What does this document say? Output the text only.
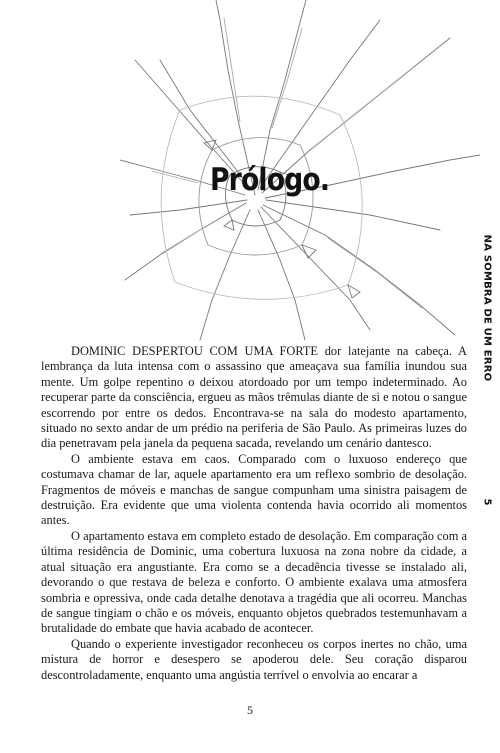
Prólogo.
NA SOMBRA DE UM ERRO
5

DOMINIC DESPERTOU COM UMA FORTE dor latejante na cabeça. A lembrança da luta intensa com o assassino que ameaçava sua família inundou sua mente. Um golpe repentino o deixou atordoado por um tempo indeterminado. Ao recuperar parte da consciência, ergueu as mãos trêmulas diante de si e notou o sangue escorrendo por entre os dedos. Encontrava-se na sala do modesto apartamento, situado no sexto andar de um prédio na periferia de São Paulo. As primeiras luzes do dia penetravam pela janela da pequena sacada, revelando um cenário dantesco.

O ambiente estava em caos. Comparado com o luxuoso endereço que costumava chamar de lar, aquele apartamento era um reflexo sombrio de desolação. Fragmentos de móveis e manchas de sangue compunham uma sinistra paisagem de destruição. Era evidente que uma violenta contenda havia ocorrido ali momentos antes.

O apartamento estava em completo estado de desolação. Em comparação com a última residência de Dominic, uma cobertura luxuosa na zona nobre da cidade, a atual situação era angustiante. Era como se a decadência tivesse se instalado ali, devorando o que restava de beleza e conforto. O ambiente exalava uma atmosfera sombria e opressiva, onde cada detalhe denotava a tragédia que ali ocorreu. Manchas de sangue tingiam o chão e os móveis, enquanto objetos quebrados testemunhavam a brutalidade do embate que havia acabado de acontecer.

Quando o experiente investigador reconheceu os corpos inertes no chão, uma mistura de horror e desespero se apoderou dele. Seu coração disparou descontroladamente, enquanto uma angústia terrível o envolvia ao encarar a

5
